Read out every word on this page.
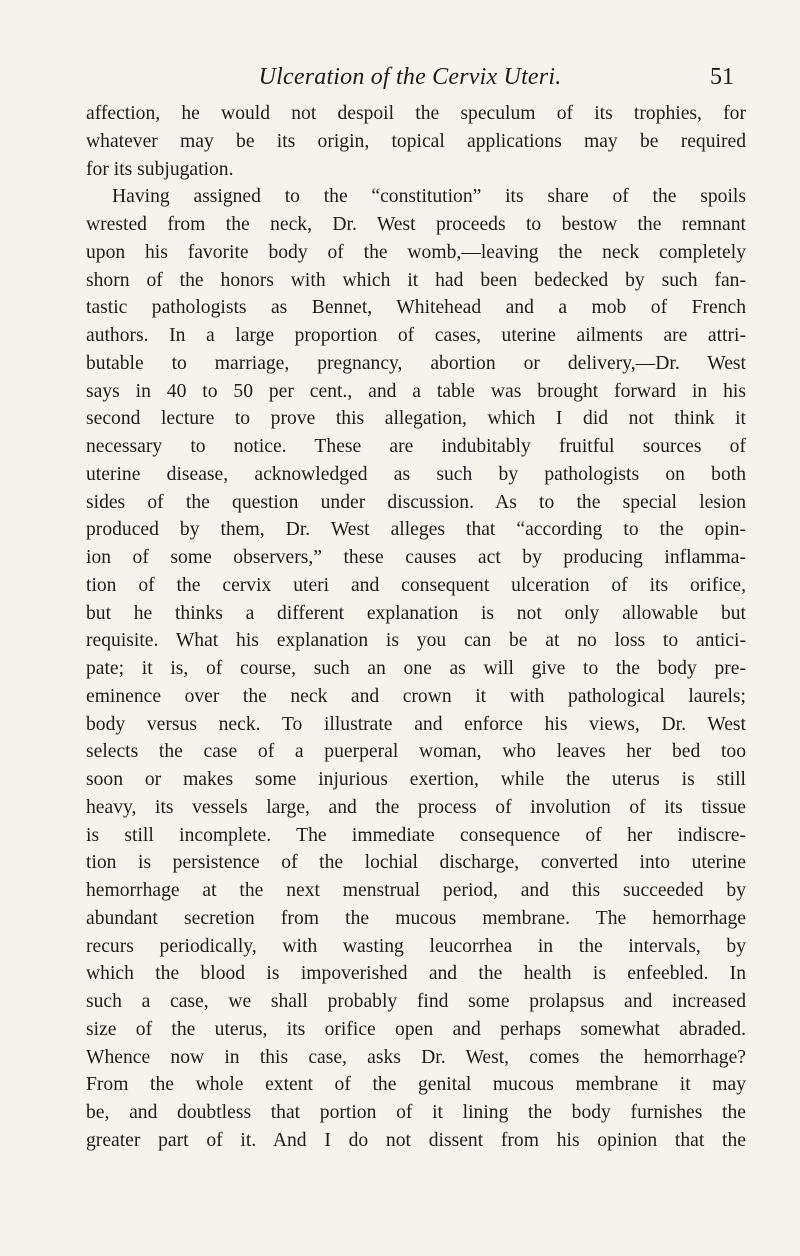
Ulceration of the Cervix Uteri.	51
affection, he would not despoil the speculum of its trophies, for
whatever may be its origin, topical applications may be required
for its subjugation.
Having assigned to the “constitution” its share of the spoils
wrested from the neck, Dr. West proceeds to bestow the remnant
upon his favorite body of the womb,—leaving the neck completely
shorn of the honors with which it had been bedecked by such fan-
tastic pathologists as Bennet, Whitehead and a mob of French
authors. In a large proportion of cases, uterine ailments are attri-
butable to marriage, pregnancy, abortion or delivery,—Dr. West
says in 40 to 50 per cent., and a table was brought forward in his
second lecture to prove this allegation, which I did not think it
necessary to notice. These are indubitably fruitful sources of
uterine disease, acknowledged as such by pathologists on both
sides of the question under discussion. As to the special lesion
produced by them, Dr. West alleges that “according to the opin-
ion of some observers,” these causes act by producing inflamma-
tion of the cervix uteri and consequent ulceration of its orifice,
but he thinks a different explanation is not only allowable but
requisite. What his explanation is you can be at no loss to antici-
pate; it is, of course, such an one as will give to the body pre-
eminence over the neck and crown it with pathological laurels;
body versus neck. To illustrate and enforce his views, Dr. West
selects the case of a puerperal woman, who leaves her bed too
soon or makes some injurious exertion, while the uterus is still
heavy, its vessels large, and the process of involution of its tissue
is still incomplete. The immediate consequence of her indiscre-
tion is persistence of the lochial discharge, converted into uterine
hemorrhage at the next menstrual period, and this succeeded by
abundant secretion from the mucous membrane. The hemorrhage
recurs periodically, with wasting leucorrhea in the intervals, by
which the blood is impoverished and the health is enfeebled. In
such a case, we shall probably find some prolapsus and increased
size of the uterus, its orifice open and perhaps somewhat abraded.
Whence now in this case, asks Dr. West, comes the hemorrhage?
From the whole extent of the genital mucous membrane it may
be, and doubtless that portion of it lining the body furnishes the
greater part of it. And I do not dissent from his opinion that the
